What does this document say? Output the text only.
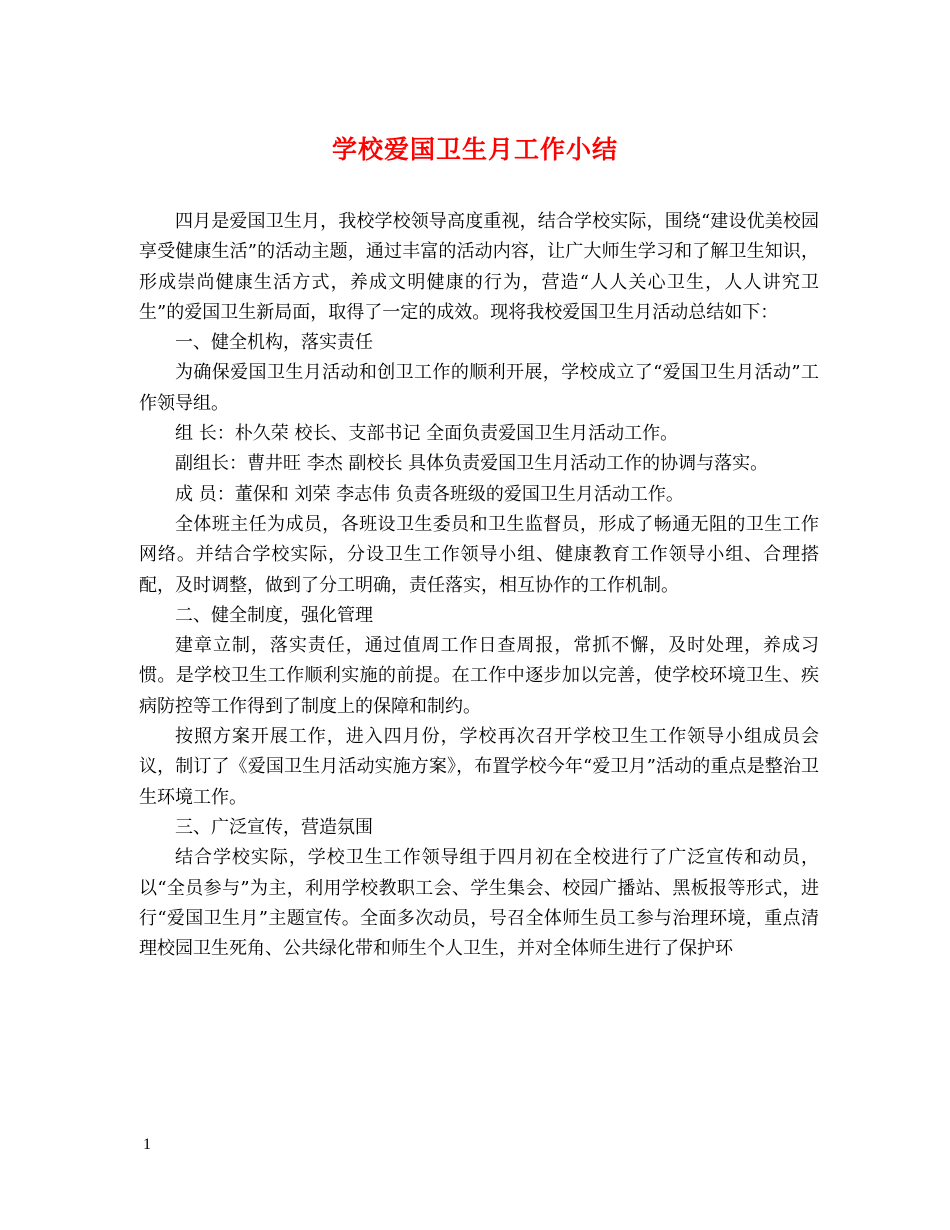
学校爱国卫生月工作小结

四月是爱国卫生月，我校学校领导高度重视，结合学校实际，围绕“建设优美校园享受健康生活”的活动主题，通过丰富的活动内容，让广大师生学习和了解卫生知识，形成崇尚健康生活方式，养成文明健康的行为，营造“人人关心卫生，人人讲究卫生”的爱国卫生新局面，取得了一定的成效。现将我校爱国卫生月活动总结如下：

一、健全机构，落实责任

为确保爱国卫生月活动和创卫工作的顺利开展，学校成立了“爱国卫生月活动”工作领导组。

组 长：朴久荣 校长、支部书记 全面负责爱国卫生月活动工作。

副组长：曹井旺 李杰 副校长 具体负责爱国卫生月活动工作的协调与落实。

成 员：董保和 刘荣 李志伟 负责各班级的爱国卫生月活动工作。

全体班主任为成员，各班设卫生委员和卫生监督员，形成了畅通无阻的卫生工作网络。并结合学校实际，分设卫生工作领导小组、健康教育工作领导小组、合理搭配，及时调整，做到了分工明确，责任落实，相互协作的工作机制。

二、健全制度，强化管理

建章立制，落实责任，通过值周工作日查周报，常抓不懈，及时处理，养成习惯。是学校卫生工作顺利实施的前提。在工作中逐步加以完善，使学校环境卫生、疾病防控等工作得到了制度上的保障和制约。

按照方案开展工作，进入四月份，学校再次召开学校卫生工作领导小组成员会议，制订了《爱国卫生月活动实施方案》，布置学校今年“爱卫月”活动的重点是整治卫生环境工作。

三、广泛宣传，营造氛围

结合学校实际，学校卫生工作领导组于四月初在全校进行了广泛宣传和动员，以“全员参与”为主，利用学校教职工会、学生集会、校园广播站、黑板报等形式，进行“爱国卫生月”主题宣传。全面多次动员，号召全体师生员工参与治理环境，重点清理校园卫生死角、公共绿化带和师生个人卫生，并对全体师生进行了保护环

1
